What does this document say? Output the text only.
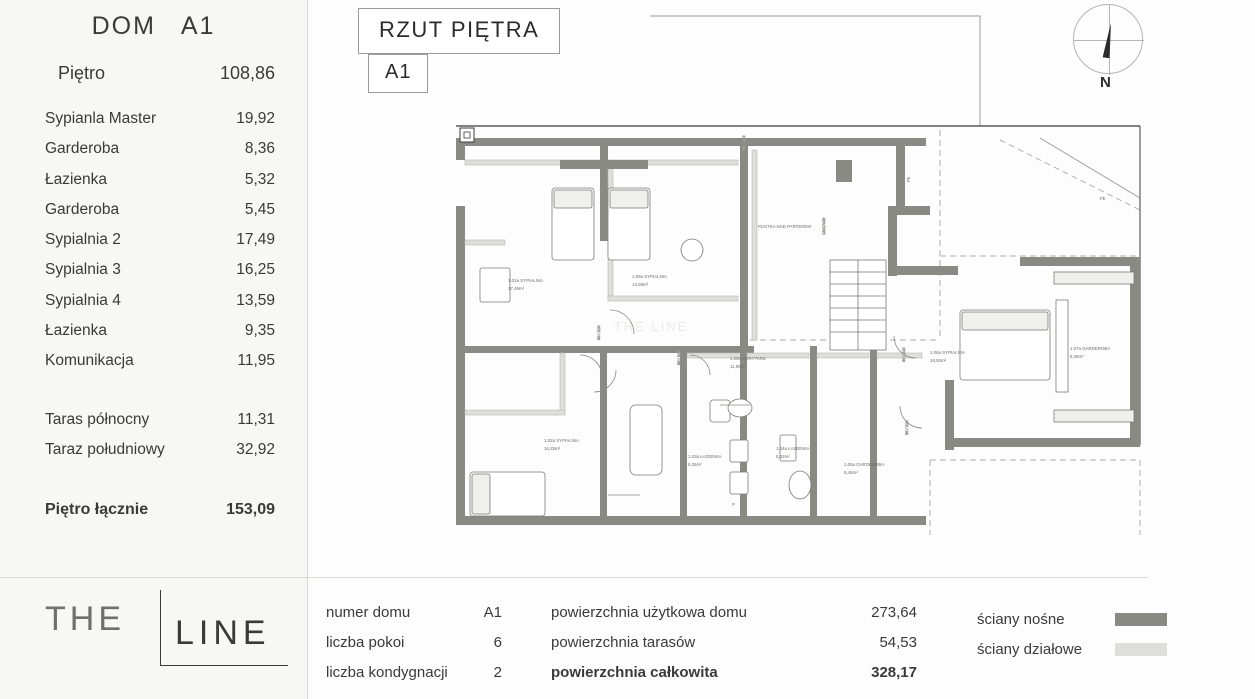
DOM A1
Piętro	108,86
Sypianla Master	19,92
Garderoba	8,36
Łazienka	5,32
Garderoba	5,45
Sypialnia 2	17,49
Sypialnia 3	16,25
Sypialnia 4	13,59
Łazienka	9,35
Komunikacja	11,95
Taras północny	11,31
Taraz południowy	32,92
Piętro łącznie	153,09
THE LINE
RZUT PIĘTRA
A1	N
13x17x29
90 / 210
80 / 210
80 / 210	90 / 210
90 / 210
1.01a SYPIALNIA
17,49m²
1.09a SYPIALNIA
13,59m²
PUSTKA NAD PARTEREM
1.08a KORYTARZ
11,95m²
1.02a SYPIALNIA
16,25m²
1.03a ŁAZIENKA
9,35m²
1.04a ŁAZIENKA
5,32m²
1.05a GARDEROBA
5,45m²
1.06a SYPIALNIA
19,92m²
1.07a GARDEROBA
8,36m²
P
Pb
Pb
THE LINE
numer domu	A1
liczba pokoi	6
liczba kondygnacji	2
powierzchnia użytkowa domu	273,64
powierzchnia tarasów	54,53
powierzchnia całkowita	328,17
ściany nośne
ściany działowe
